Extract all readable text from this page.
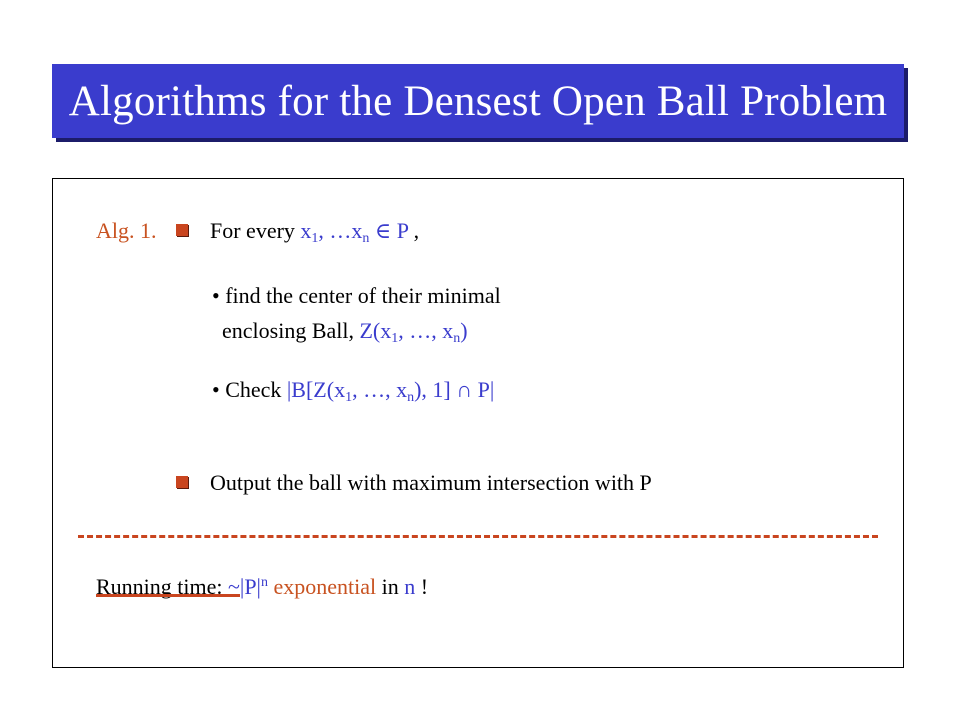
Algorithms for the Densest Open Ball Problem
Alg. 1. For every $x_1$, $\dots x_n$ ∈ P ,
• find the center of their minimal
enclosing Ball, $Z(x_1$, …, $x_n$)
• Check $|B[Z(x_1$, …, $x_n$), 1] ∩ P|
Output the ball with maximum intersection with P
Running time: $\sim|P|^n$ exponential in n !
